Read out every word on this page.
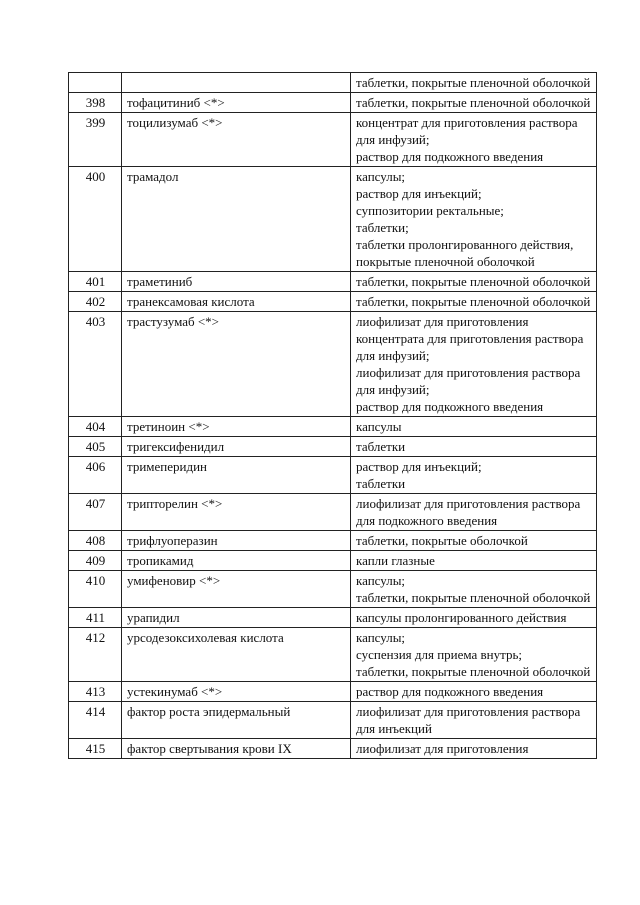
		таблетки, покрытые пленочной оболочкой

398	тофацитиниб <*>	таблетки, покрытые пленочной оболочкой

399	тоцилизумаб <*>	концентрат для приготовления раствора для инфузий;
раствор для подкожного введения

400	трамадол	капсулы;
раствор для инъекций;
суппозитории ректальные;
таблетки;
таблетки пролонгированного действия, покрытые пленочной оболочкой

401	траметиниб	таблетки, покрытые пленочной оболочкой

402	транексамовая кислота	таблетки, покрытые пленочной оболочкой

403	трастузумаб <*>	лиофилизат для приготовления концентрата для приготовления раствора для инфузий;
лиофилизат для приготовления раствора для инфузий;
раствор для подкожного введения

404	третиноин <*>	капсулы

405	тригексифенидил	таблетки

406	тримеперидин	раствор для инъекций;
таблетки

407	трипторелин <*>	лиофилизат для приготовления раствора для подкожного введения

408	трифлуоперазин	таблетки, покрытые оболочкой

409	тропикамид	капли глазные

410	умифеновир <*>	капсулы;
таблетки, покрытые пленочной оболочкой

411	урапидил	капсулы пролонгированного действия

412	урсодезоксихолевая кислота	капсулы;
суспензия для приема внутрь;
таблетки, покрытые пленочной оболочкой

413	устекинумаб <*>	раствор для подкожного введения

414	фактор роста эпидермальный	лиофилизат для приготовления раствора для инъекций

415	фактор свертывания крови IX	лиофилизат для приготовления
